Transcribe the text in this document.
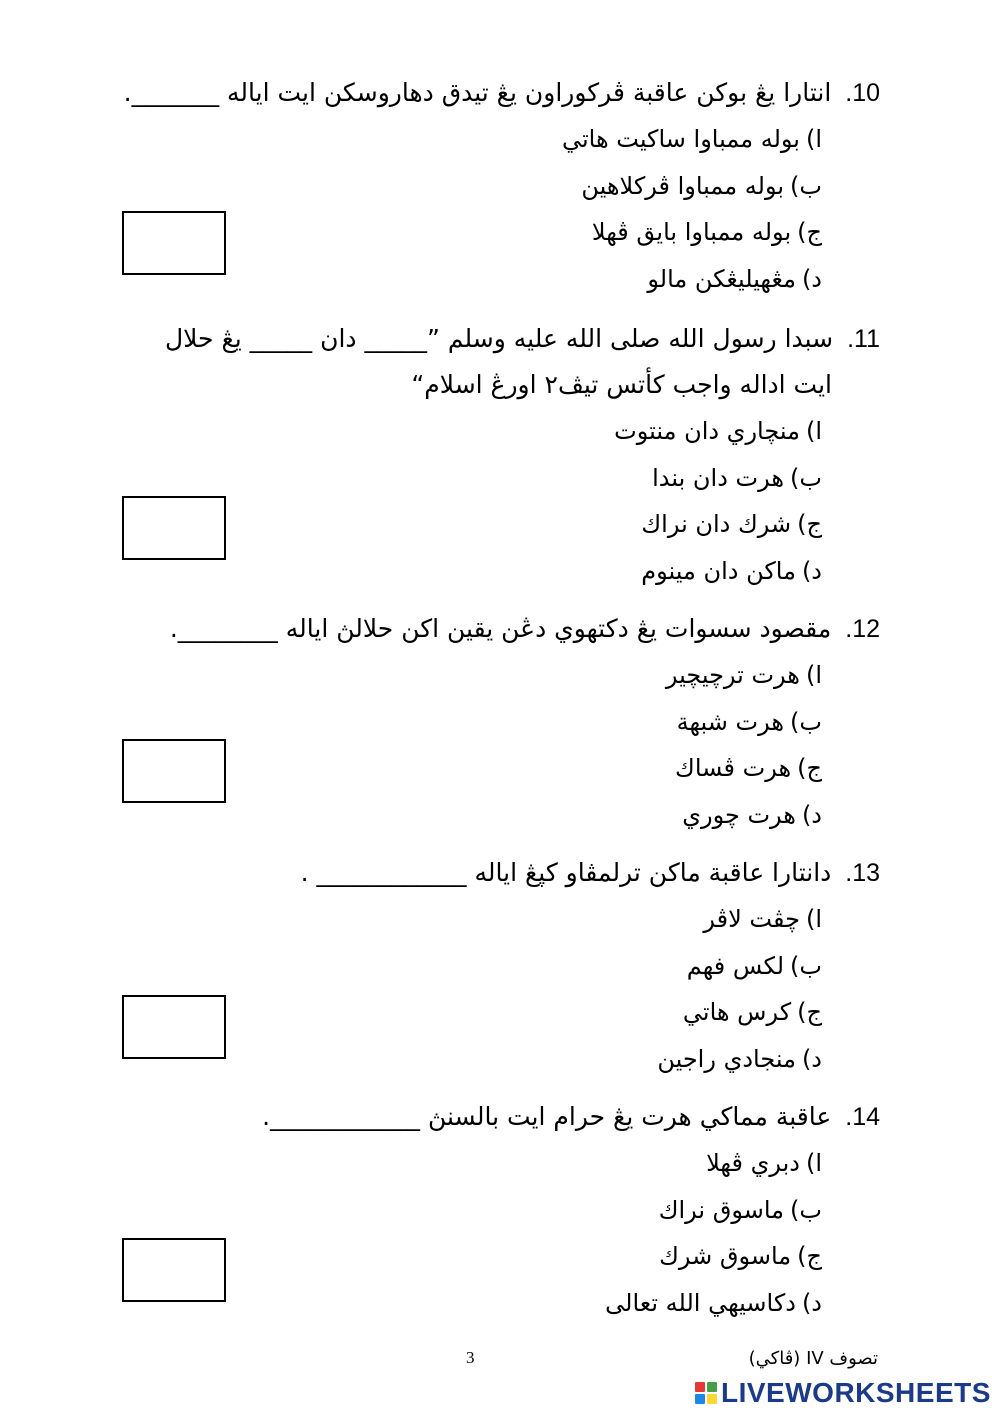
10. انتارا يڠ بوكن عاقبة ڤركوراون يڠ تيدق دهاروسكن ايت اياله _______.
ا)بوله ممباوا ساكيت هاتي
ب)بوله ممباوا ڤركلاهين
ج)بوله ممباوا بايق ڤهلا
د)مڠهيليڠكن مالو
11. سبدا رسول الله صلى الله عليه وسلم ”_____ دان _____ يڠ حلال
ايت اداله واجب كأتس تيڤ٢ اورڠ اسلام“
ا)منچاري دان منتوت
ب)هرت دان بندا
ج)شرك دان نراك
د)ماكن دان مينوم
12. مقصود سسوات يڠ دكتهوي دڠن يقين اكن حلالڽ اياله ________.
ا)هرت ترچيچير
ب)هرت شبهة
ج)هرت ڤساك
د)هرت چوري
13. دانتارا عاقبة ماكن ترلمڤاو كپڠ اياله ____________ .
ا)چڤت لاڤر
ب)لكس فهم
ج)كرس هاتي
د)منجادي راجين
14. عاقبة مماكي هرت يڠ حرام ايت بالسنڽ ____________.
ا)دبري ڤهلا
ب)ماسوق نراك
ج)ماسوق شرك
د)دكاسيهي الله تعالى
تصوف IV (ڤاكي)
3
LIVEWORKSHEETS
